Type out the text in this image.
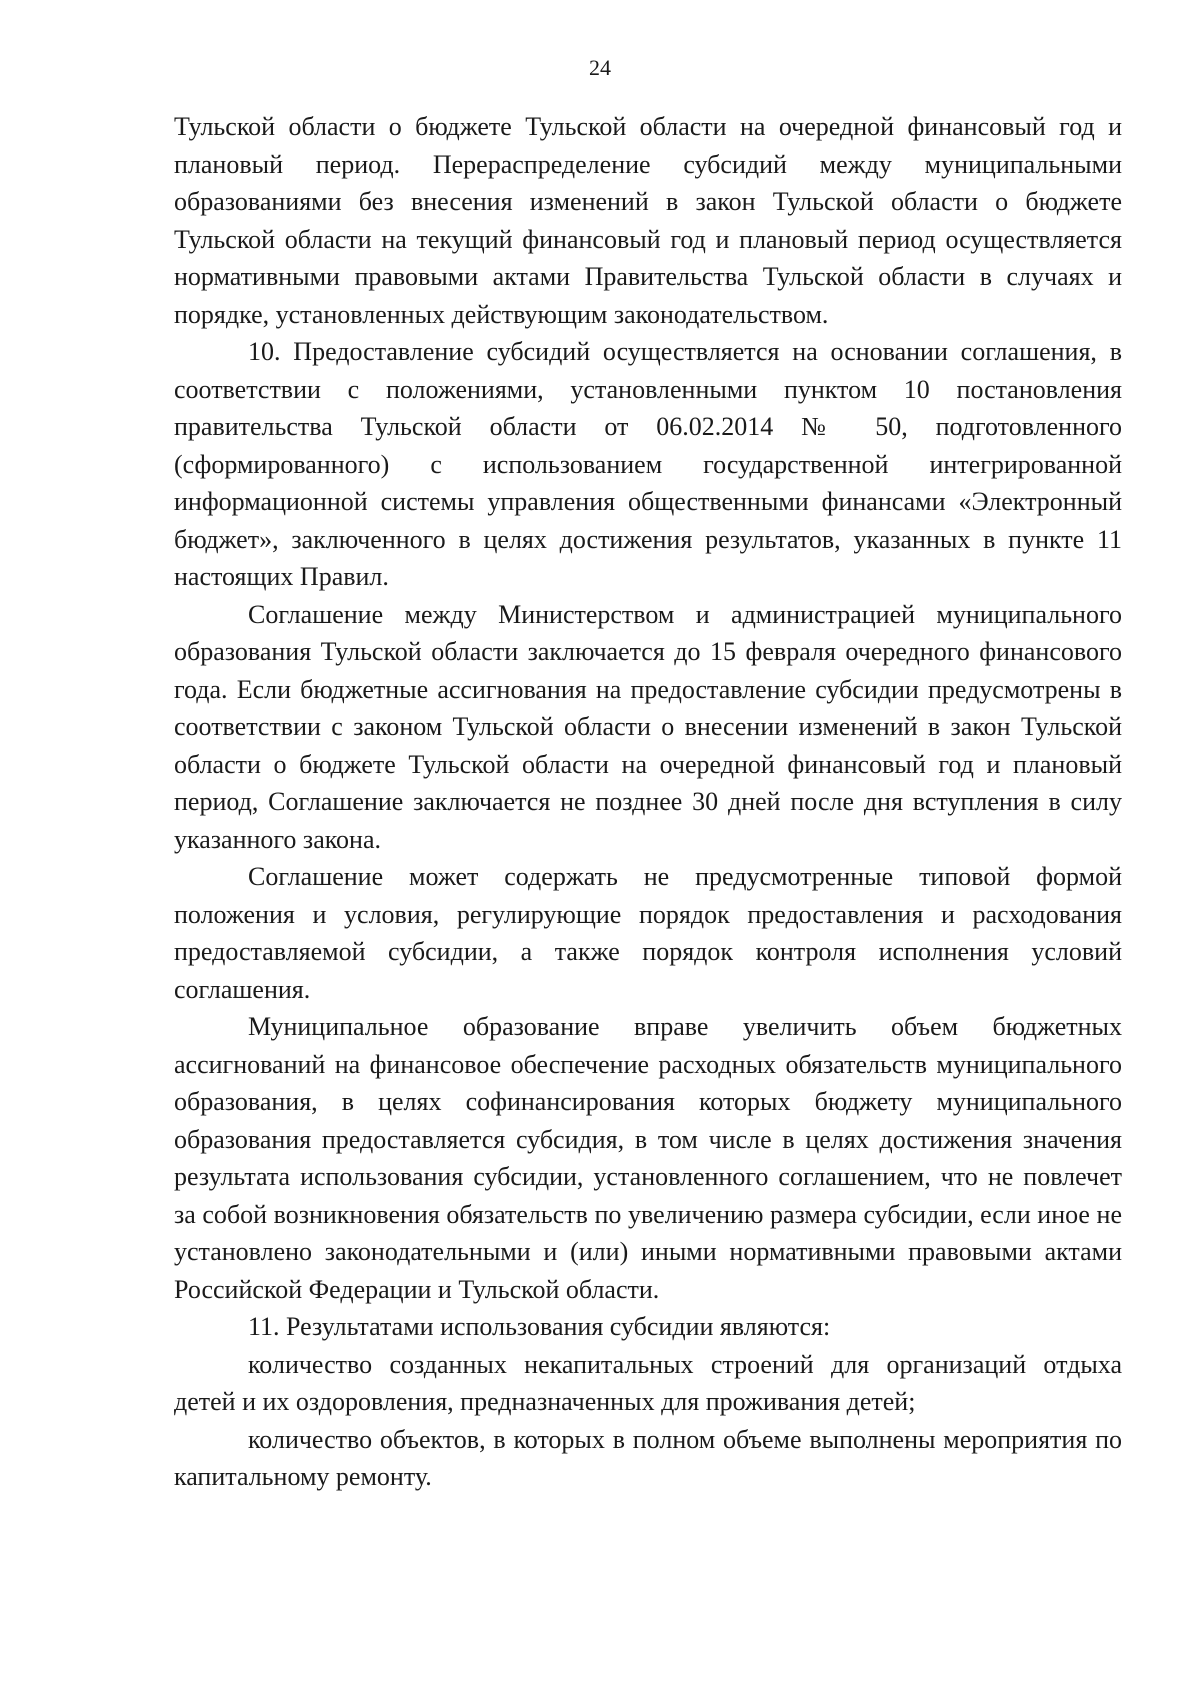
24

Тульской области о бюджете Тульской области на очередной финансовый год и плановый период. Перераспределение субсидий между муниципальными образованиями без внесения изменений в закон Тульской области о бюджете Тульской области на текущий финансовый год и плановый период осуществляется нормативными правовыми актами Правительства Тульской области в случаях и порядке, установленных действующим законодательством.

10. Предоставление субсидий осуществляется на основании соглашения, в соответствии с положениями, установленными пунктом 10 постановления правительства Тульской области от 06.02.2014 № 50, подготовленного (сформированного) с использованием государственной интегрированной информационной системы управления общественными финансами «Электронный бюджет», заключенного в целях достижения результатов, указанных в пункте 11 настоящих Правил.

Соглашение между Министерством и администрацией муниципального образования Тульской области заключается до 15 февраля очередного финансового года. Если бюджетные ассигнования на предоставление субсидии предусмотрены в соответствии с законом Тульской области о внесении изменений в закон Тульской области о бюджете Тульской области на очередной финансовый год и плановый период, Соглашение заключается не позднее 30 дней после дня вступления в силу указанного закона.

Соглашение может содержать не предусмотренные типовой формой положения и условия, регулирующие порядок предоставления и расходования предоставляемой субсидии, а также порядок контроля исполнения условий соглашения.

Муниципальное образование вправе увеличить объем бюджетных ассигнований на финансовое обеспечение расходных обязательств муниципального образования, в целях софинансирования которых бюджету муниципального образования предоставляется субсидия, в том числе в целях достижения значения результата использования субсидии, установленного соглашением, что не повлечет за собой возникновения обязательств по увеличению размера субсидии, если иное не установлено законодательными и (или) иными нормативными правовыми актами Российской Федерации и Тульской области.

11. Результатами использования субсидии являются:

количество созданных некапитальных строений для организаций отдыха детей и их оздоровления, предназначенных для проживания детей;

количество объектов, в которых в полном объеме выполнены мероприятия по капитальному ремонту.
